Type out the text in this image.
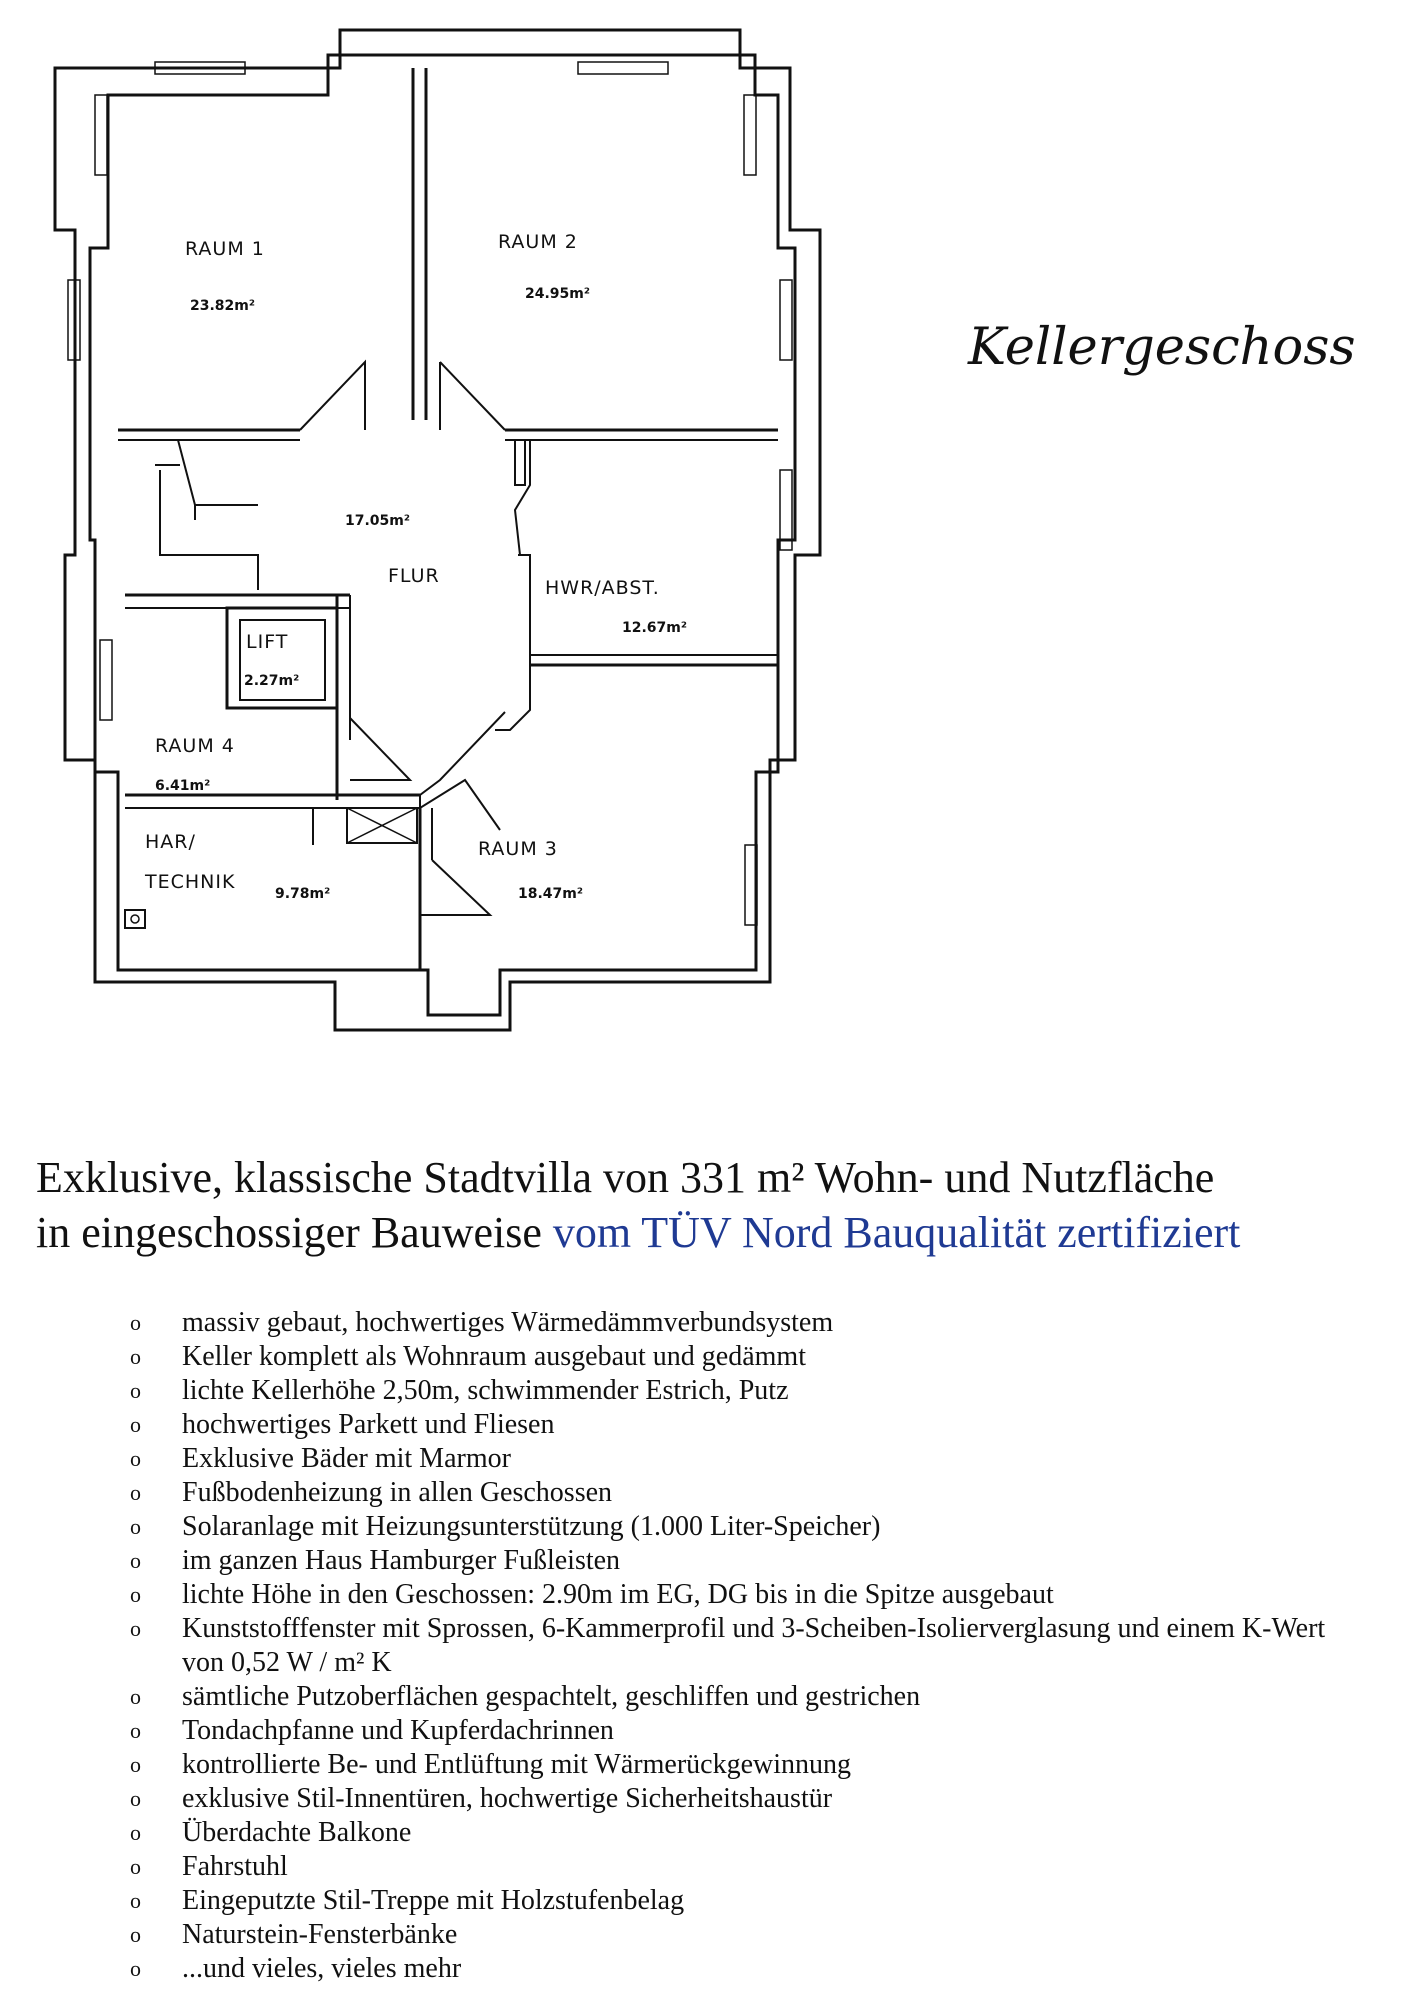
RAUM 1
23.82m²
RAUM 2
24.95m²
17.05m²
FLUR
HWR/ABST.
12.67m²
LIFT
2.27m²
RAUM 4
6.41m²
HAR/
TECHNIK
9.78m²
RAUM 3
18.47m²
Kellergeschoss
Exklusive, klassische Stadtvilla von 331 m² Wohn- und Nutzfläche
in eingeschossiger Bauweise vom TÜV Nord Bauqualität zertifiziert
o massiv gebaut, hochwertiges Wärmedämmverbundsystem
o Keller komplett als Wohnraum ausgebaut und gedämmt
o lichte Kellerhöhe 2,50m, schwimmender Estrich, Putz
o hochwertiges Parkett und Fliesen
o Exklusive Bäder mit Marmor
o Fußbodenheizung in allen Geschossen
o Solaranlage mit Heizungsunterstützung (1.000 Liter-Speicher)
o im ganzen Haus Hamburger Fußleisten
o lichte Höhe in den Geschossen: 2.90m im EG, DG bis in die Spitze ausgebaut
o Kunststofffenster mit Sprossen, 6-Kammerprofil und 3-Scheiben-Isolierverglasung und einem K-Wert von 0,52 W / m² K
o sämtliche Putzoberflächen gespachtelt, geschliffen und gestrichen
o Tondachpfanne und Kupferdachrinnen
o kontrollierte Be- und Entlüftung mit Wärmerückgewinnung
o exklusive Stil-Innentüren, hochwertige Sicherheitshaustür
o Überdachte Balkone
o Fahrstuhl
o Eingeputzte Stil-Treppe mit Holzstufenbelag
o Naturstein-Fensterbänke
o ...und vieles, vieles mehr
